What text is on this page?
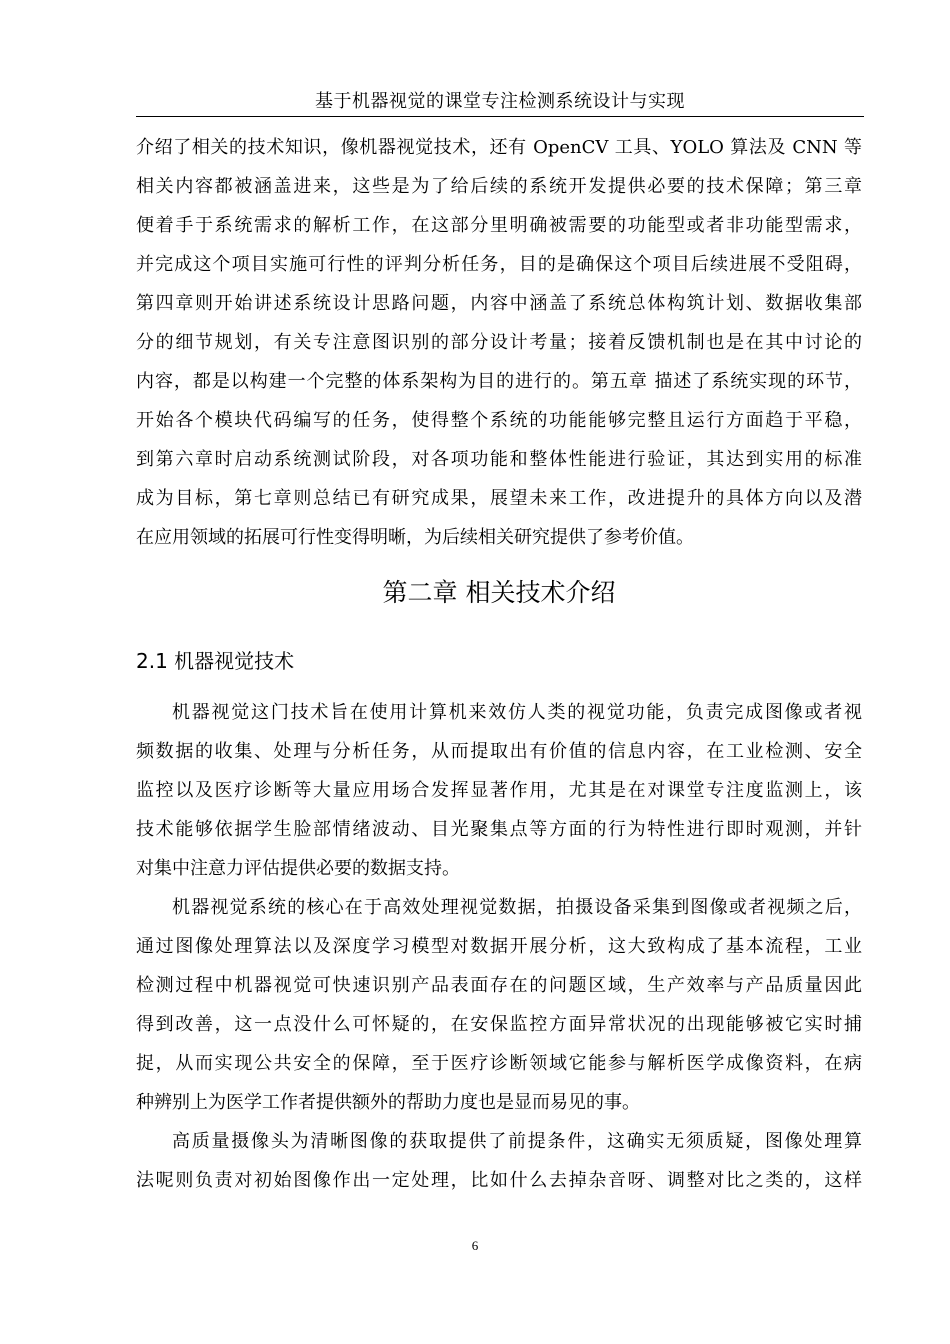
基于机器视觉的课堂专注检测系统设计与实现
介绍了相关的技术知识，像机器视觉技术，还有 OpenCV 工具、YOLO 算法及 CNN 等
相关内容都被涵盖进来，这些是为了给后续的系统开发提供必要的技术保障；第三章
便着手于系统需求的解析工作，在这部分里明确被需要的功能型或者非功能型需求，
并完成这个项目实施可行性的评判分析任务，目的是确保这个项目后续进展不受阻碍，
第四章则开始讲述系统设计思路问题，内容中涵盖了系统总体构筑计划、数据收集部
分的细节规划，有关专注意图识别的部分设计考量；接着反馈机制也是在其中讨论的
内容，都是以构建一个完整的体系架构为目的进行的。第五章 描述了系统实现的环节，
开始各个模块代码编写的任务，使得整个系统的功能能够完整且运行方面趋于平稳，
到第六章时启动系统测试阶段，对各项功能和整体性能进行验证，其达到实用的标准
成为目标，第七章则总结已有研究成果，展望未来工作，改进提升的具体方向以及潜
在应用领域的拓展可行性变得明晰，为后续相关研究提供了参考价值。
第二章 相关技术介绍
2.1 机器视觉技术
机器视觉这门技术旨在使用计算机来效仿人类的视觉功能，负责完成图像或者视
频数据的收集、处理与分析任务，从而提取出有价值的信息内容，在工业检测、安全
监控以及医疗诊断等大量应用场合发挥显著作用，尤其是在对课堂专注度监测上，该
技术能够依据学生脸部情绪波动、目光聚集点等方面的行为特性进行即时观测，并针
对集中注意力评估提供必要的数据支持。
机器视觉系统的核心在于高效处理视觉数据，拍摄设备采集到图像或者视频之后，
通过图像处理算法以及深度学习模型对数据开展分析，这大致构成了基本流程，工业
检测过程中机器视觉可快速识别产品表面存在的问题区域，生产效率与产品质量因此
得到改善，这一点没什么可怀疑的，在安保监控方面异常状况的出现能够被它实时捕
捉，从而实现公共安全的保障，至于医疗诊断领域它能参与解析医学成像资料，在病
种辨别上为医学工作者提供额外的帮助力度也是显而易见的事。
高质量摄像头为清晰图像的获取提供了前提条件，这确实无须质疑，图像处理算
法呢则负责对初始图像作出一定处理，比如什么去掉杂音呀、调整对比之类的，这样
6
